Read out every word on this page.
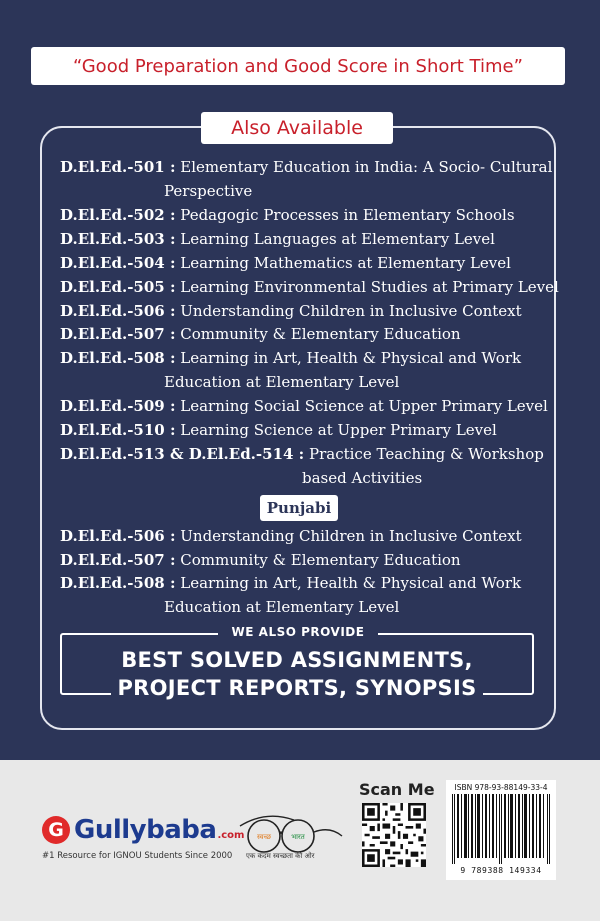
“Good Preparation and Good Score in Short Time”
Also Available
D.El.Ed.-501 : Elementary Education in India: A Socio- Cultural
Perspective
D.El.Ed.-502 : Pedagogic Processes in Elementary Schools
D.El.Ed.-503 : Learning Languages at Elementary Level
D.El.Ed.-504 : Learning Mathematics at Elementary Level
D.El.Ed.-505 : Learning Environmental Studies at Primary Level
D.El.Ed.-506 : Understanding Children in Inclusive Context
D.El.Ed.-507 : Community & Elementary Education
D.El.Ed.-508 : Learning in Art, Health & Physical and Work
Education at Elementary Level
D.El.Ed.-509 : Learning Social Science at Upper Primary Level
D.El.Ed.-510 : Learning Science at Upper Primary Level
D.El.Ed.-513 & D.El.Ed.-514 : Practice Teaching & Workshop
based Activities
Punjabi
D.El.Ed.-506 : Understanding Children in Inclusive Context
D.El.Ed.-507 : Community & Elementary Education
D.El.Ed.-508 : Learning in Art, Health & Physical and Work
Education at Elementary Level
WE ALSO PROVIDE
BEST SOLVED ASSIGNMENTS,
PROJECT REPORTS, SYNOPSIS
G Gullybaba .com
#1 Resource for IGNOU Students Since 2000
स्वच्छ	भारत
एक कदम स्वच्छता की ओर
Scan Me	ISBN 978-93-88149-33-4
9 789388 149334
